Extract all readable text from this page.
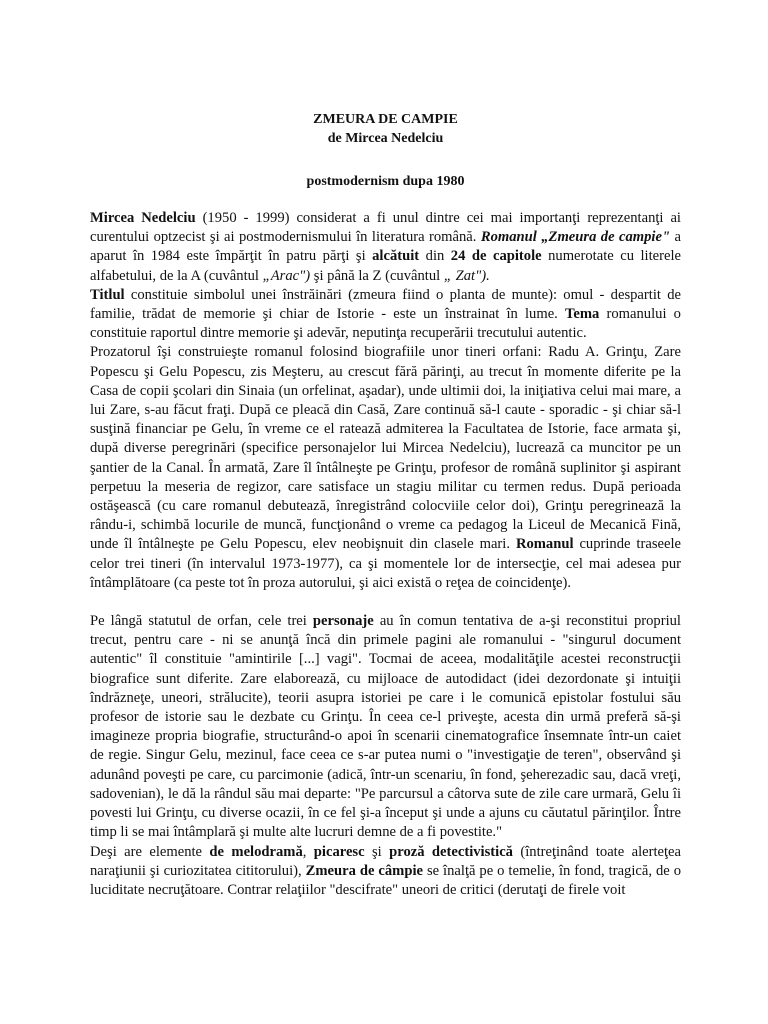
ZMEURA DE CAMPIE
de Mircea Nedelciu
postmodernism dupa 1980

Mircea Nedelciu (1950 - 1999) considerat a fi unul dintre cei mai importanţi reprezentanţi ai curentului optzecist şi ai postmodernismului în literatura română. Romanul „Zmeura de campie" a aparut în 1984 este împărţit în patru părţi şi alcătuit din 24 de capitole numerotate cu literele alfabetului, de la A (cuvântul „Arac") şi până la Z (cuvântul „ Zat").
Titlul constituie simbolul unei înstrăinări (zmeura fiind o planta de munte): omul - despartit de familie, trădat de memorie şi chiar de Istorie - este un înstrainat în lume. Tema romanului o constituie raportul dintre memorie şi adevăr, neputinţa recuperării trecutului autentic.

Prozatorul îşi construieşte romanul folosind biografiile unor tineri orfani: Radu A. Grinţu, Zare Popescu şi Gelu Popescu, zis Meşteru, au crescut fără părinţi, au trecut în momente diferite pe la Casa de copii şcolari din Sinaia (un orfelinat, aşadar), unde ultimii doi, la iniţiativa celui mai mare, a lui Zare, s-au făcut fraţi. După ce pleacă din Casă, Zare continuă să-l caute - sporadic - şi chiar să-l susţină financiar pe Gelu, în vreme ce el ratează admiterea la Facultatea de Istorie, face armata şi, după diverse peregrinări (specifice personajelor lui Mircea Nedelciu), lucrează ca muncitor pe un şantier de la Canal. În armată, Zare îl întâlneşte pe Grinţu, profesor de română suplinitor şi aspirant perpetuu la meseria de regizor, care satisface un stagiu militar cu termen redus. După perioada ostăşească (cu care romanul debutează, înregistrând colocviile celor doi), Grinţu peregrinează la rându-i, schimbă locurile de muncă, funcţionând o vreme ca pedagog la Liceul de Mecanică Fină, unde îl întâlneşte pe Gelu Popescu, elev neobişnuit din clasele mari. Romanul cuprinde traseele celor trei tineri (în intervalul 1973-1977), ca şi momentele lor de intersecţie, cel mai adesea pur întâmplătoare (ca peste tot în proza autorului, şi aici există o reţea de coincidenţe).

Pe lângă statutul de orfan, cele trei personaje au în comun tentativa de a-şi reconstitui propriul trecut, pentru care - ni se anunţă încă din primele pagini ale romanului - "singurul document autentic" îl constituie "amintirile [...] vagi". Tocmai de aceea, modalităţile acestei reconstrucţii biografice sunt diferite. Zare elaborează, cu mijloace de autodidact (idei dezordonate şi intuiţii îndrăzneţe, uneori, strălucite), teorii asupra istoriei pe care i le comunică epistolar fostului său profesor de istorie sau le dezbate cu Grinţu. În ceea ce-l priveşte, acesta din urmă preferă să-şi imagineze propria biografie, structurând-o apoi în scenarii cinematografice însemnate într-un caiet de regie. Singur Gelu, mezinul, face ceea ce s-ar putea numi o "investigaţie de teren", observând şi adunând poveşti pe care, cu parcimonie (adică, într-un scenariu, în fond, şeherezadic sau, dacă vreţi, sadovenian), le dă la rândul său mai departe: "Pe parcursul a câtorva sute de zile care urmară, Gelu îi povesti lui Grinţu, cu diverse ocazii, în ce fel şi-a început şi unde a ajuns cu căutatul părinţilor. Între timp li se mai întâmplară şi multe alte lucruri demne de a fi povestite."

Deşi are elemente de melodramă, picaresc şi proză detectivistică (întreţinând toate alerteţea naraţiunii şi curiozitatea cititorului), Zmeura de câmpie se înalţă pe o temelie, în fond, tragică, de o luciditate necruţătoare. Contrar relaţiilor "descifrate" uneori de critici (derutaţi de firele voit
